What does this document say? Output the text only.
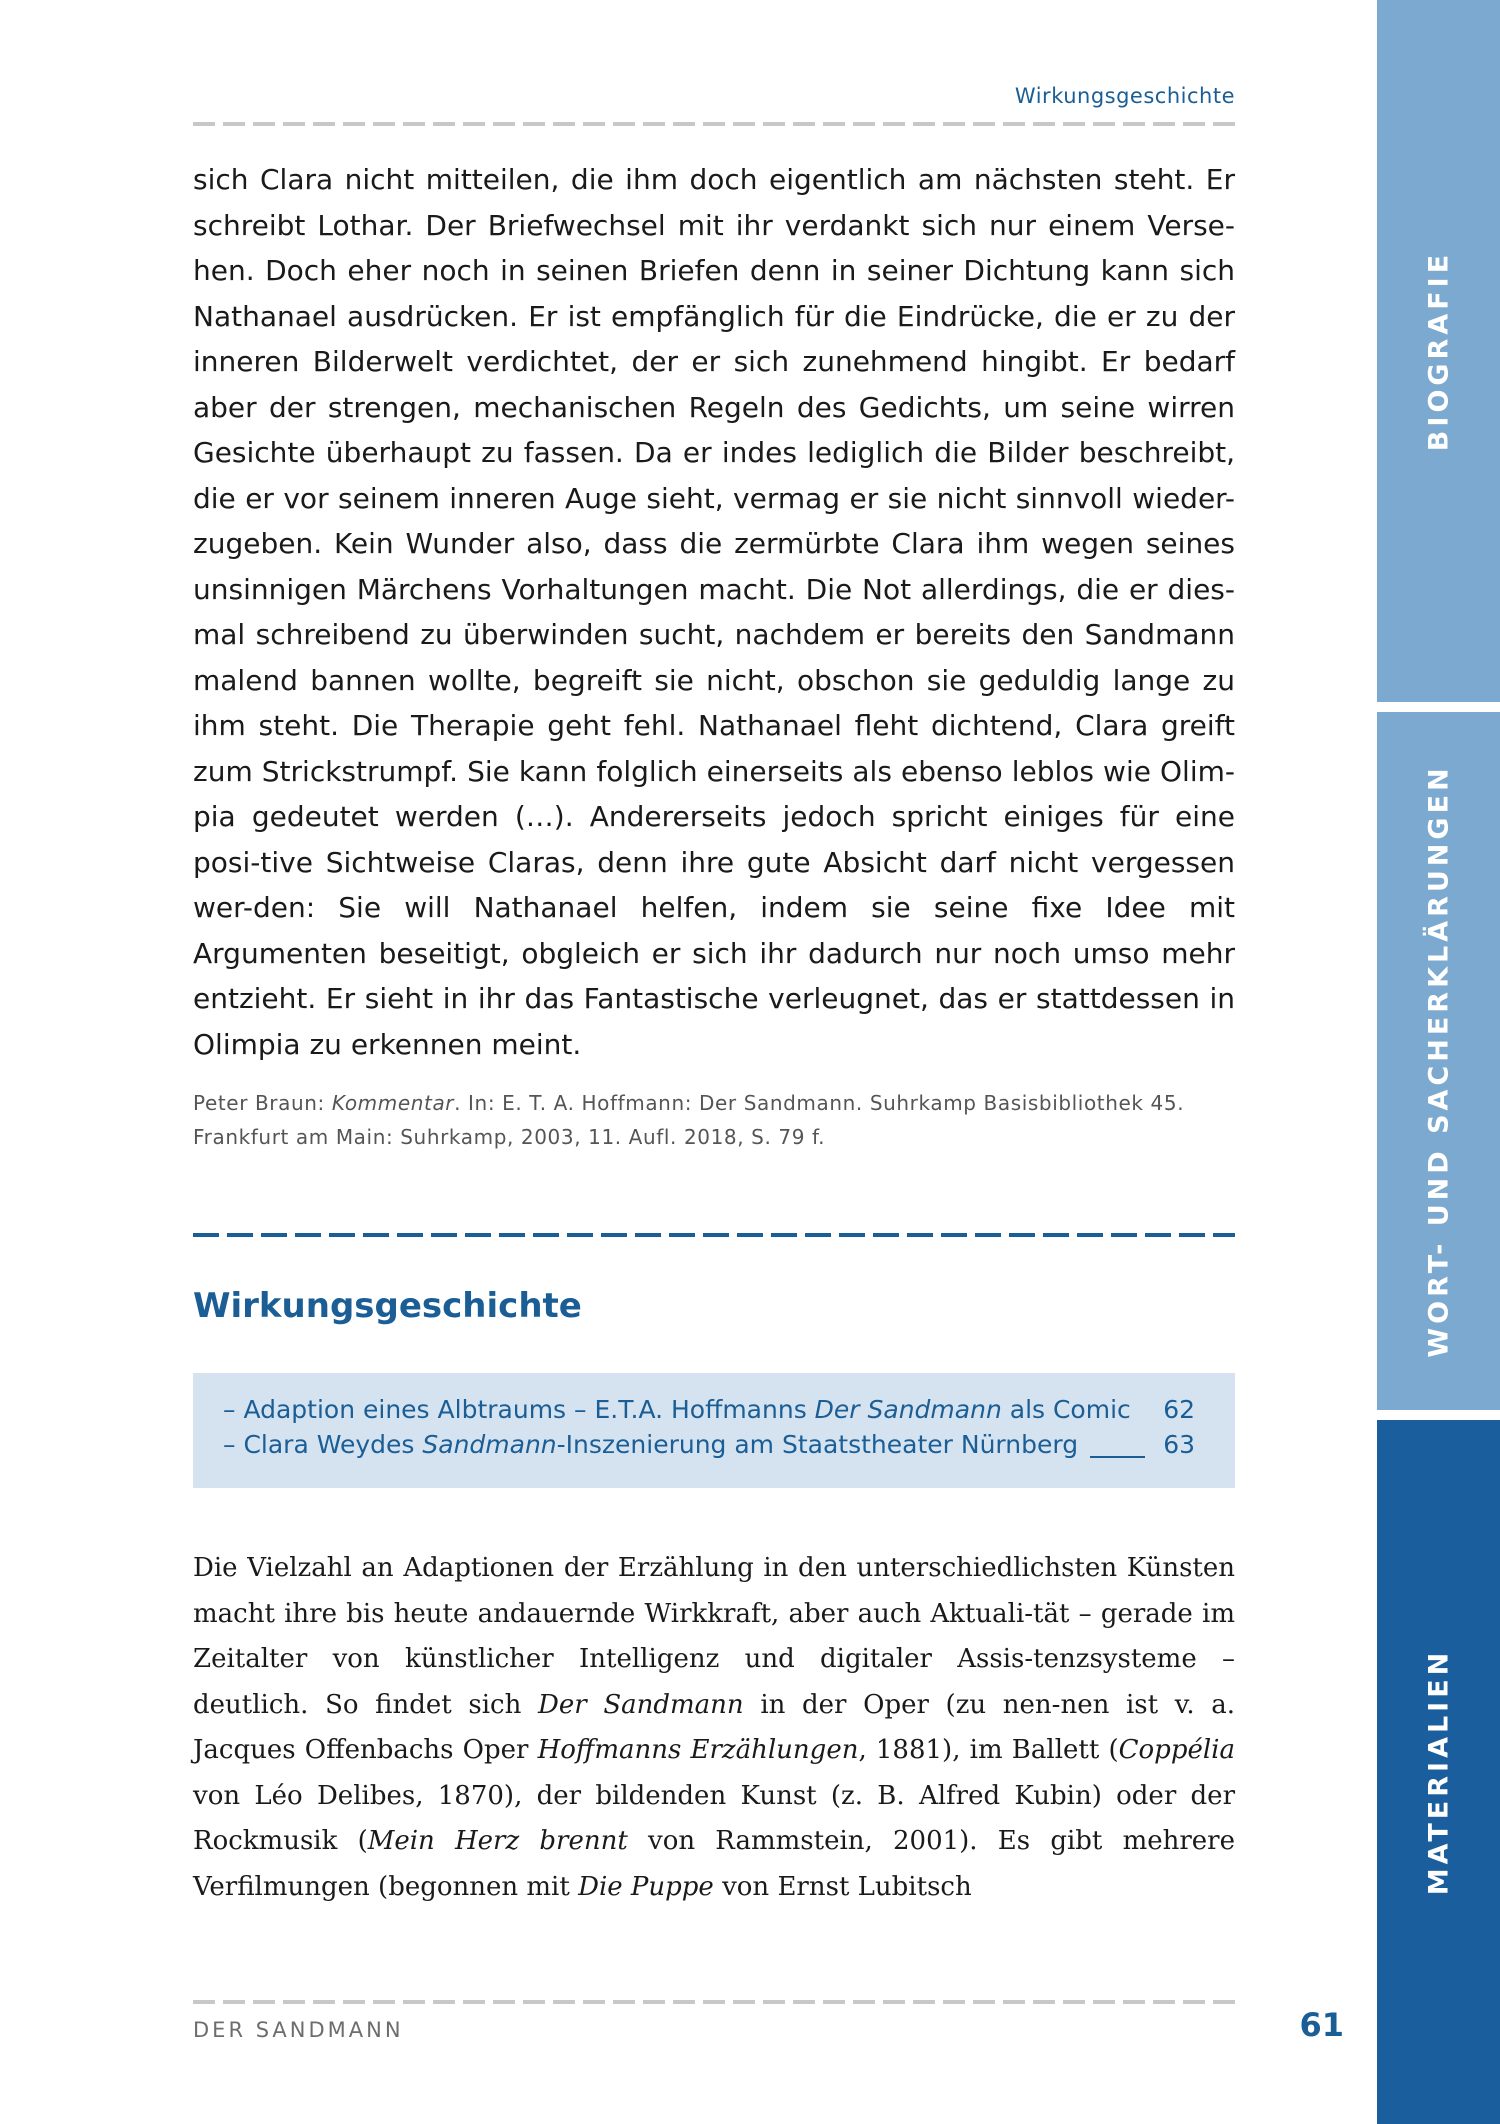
Wirkungsgeschichte

sich Clara nicht mitteilen, die ihm doch eigentlich am nächsten steht. Er schreibt Lothar. Der Briefwechsel mit ihr verdankt sich nur einem Verse-hen. Doch eher noch in seinen Briefen denn in seiner Dichtung kann sich Nathanael ausdrücken. Er ist empfänglich für die Eindrücke, die er zu der inneren Bilderwelt verdichtet, der er sich zunehmend hingibt. Er bedarf aber der strengen, mechanischen Regeln des Gedichts, um seine wirren Gesichte überhaupt zu fassen. Da er indes lediglich die Bilder beschreibt, die er vor seinem inneren Auge sieht, vermag er sie nicht sinnvoll wieder-zugeben. Kein Wunder also, dass die zermürbte Clara ihm wegen seines unsinnigen Märchens Vorhaltungen macht. Die Not allerdings, die er dies-mal schreibend zu überwinden sucht, nachdem er bereits den Sandmann malend bannen wollte, begreift sie nicht, obschon sie geduldig lange zu ihm steht. Die Therapie geht fehl. Nathanael fleht dichtend, Clara greift zum Strickstrumpf. Sie kann folglich einerseits als ebenso leblos wie Olim-pia gedeutet werden (…). Andererseits jedoch spricht einiges für eine posi-tive Sichtweise Claras, denn ihre gute Absicht darf nicht vergessen wer-den: Sie will Nathanael helfen, indem sie seine fixe Idee mit Argumenten beseitigt, obgleich er sich ihr dadurch nur noch umso mehr entzieht. Er sieht in ihr das Fantastische verleugnet, das er stattdessen in Olimpia zu erkennen meint.

Peter Braun: Kommentar. In: E. T. A. Hoffmann: Der Sandmann. Suhrkamp Basisbibliothek 45. Frankfurt am Main: Suhrkamp, 2003, 11. Aufl. 2018, S. 79 f.

Wirkungsgeschichte
– Adaption eines Albtraums – E.T.A. Hoffmanns Der Sandmann als Comic	62
– Clara Weydes Sandmann-Inszenierung am Staatstheater Nürnberg	63

Die Vielzahl an Adaptionen der Erzählung in den unterschiedlichsten Künsten macht ihre bis heute andauernde Wirkkraft, aber auch Aktuali-tät – gerade im Zeitalter von künstlicher Intelligenz und digitaler Assis-tenzsysteme – deutlich. So findet sich Der Sandmann in der Oper (zu nen-nen ist v. a. Jacques Offenbachs Oper Hoffmanns Erzählungen, 1881), im Ballett (Coppélia von Léo Delibes, 1870), der bildenden Kunst (z. B. Alfred Kubin) oder der Rockmusik (Mein Herz brennt von Rammstein, 2001). Es gibt mehrere Verfilmungen (begonnen mit Die Puppe von Ernst Lubitsch

DER SANDMANN	61
BIOGRAFIE
WORT- UND SACHERKLÄRUNGEN
MATERIALIEN
